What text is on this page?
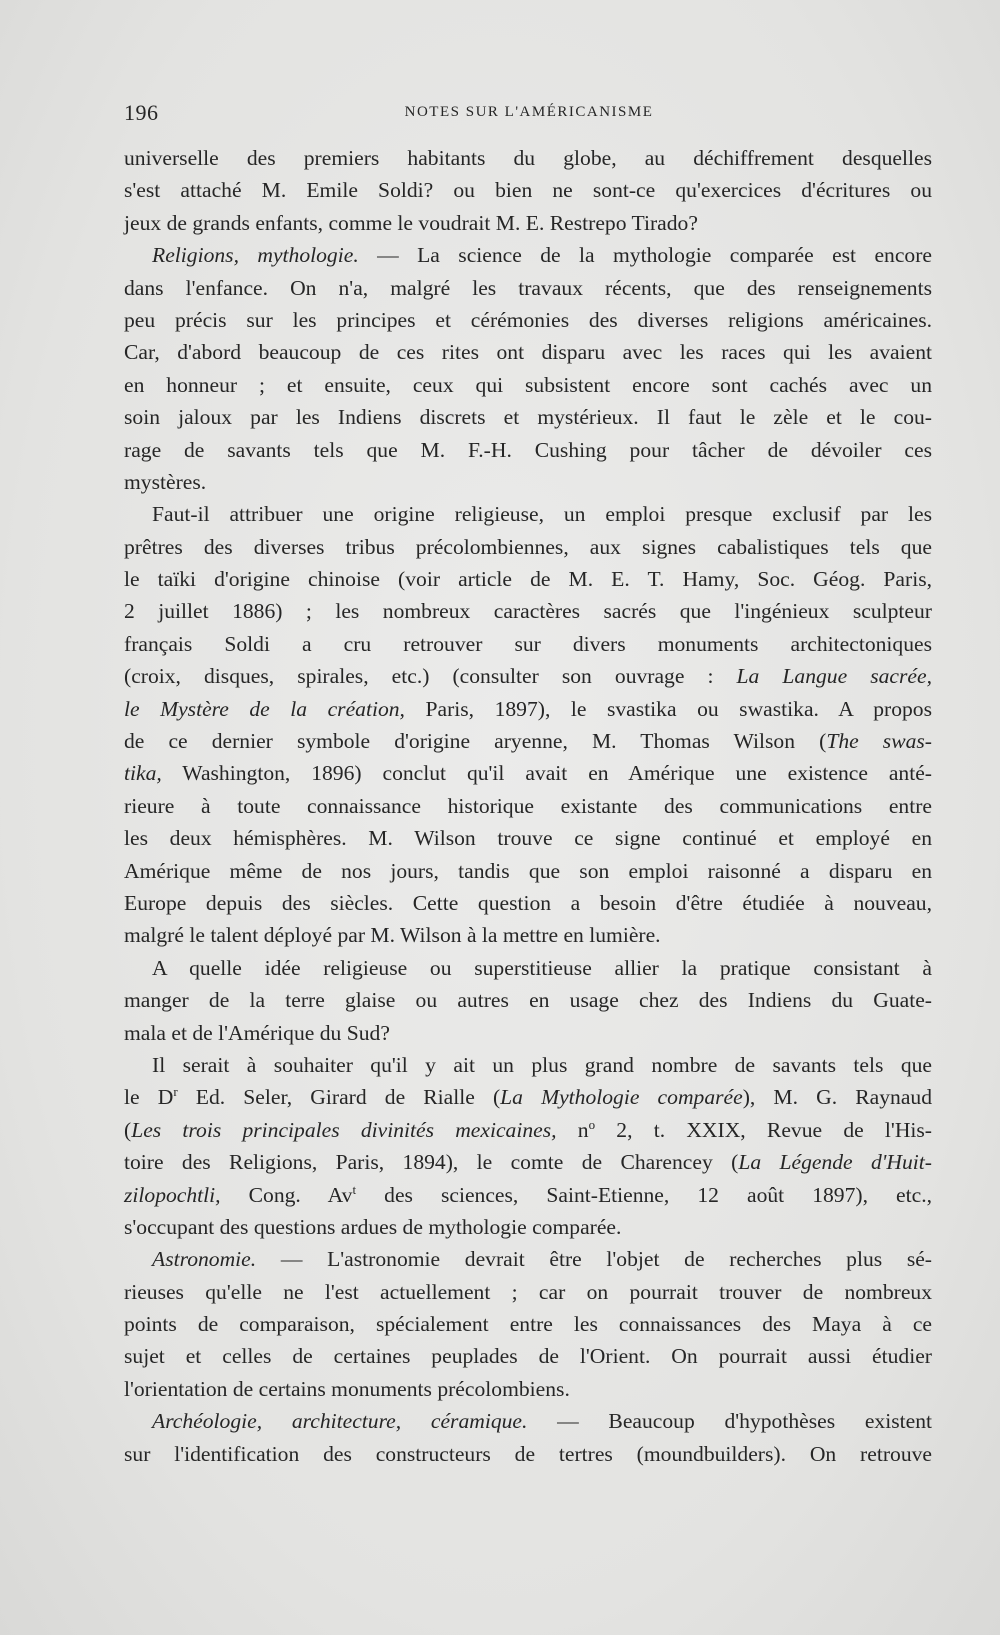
196	NOTES SUR L'AMÉRICANISME
universelle des premiers habitants du globe, au déchiffrement desquelles
s'est attaché M. Emile Soldi? ou bien ne sont-ce qu'exercices d'écritures ou
jeux de grands enfants, comme le voudrait M. E. Restrepo Tirado?
Religions, mythologie. — La science de la mythologie comparée est encore
dans l'enfance. On n'a, malgré les travaux récents, que des renseignements
peu précis sur les principes et cérémonies des diverses religions américaines.
Car, d'abord beaucoup de ces rites ont disparu avec les races qui les avaient
en honneur ; et ensuite, ceux qui subsistent encore sont cachés avec un
soin jaloux par les Indiens discrets et mystérieux. Il faut le zèle et le cou-
rage de savants tels que M. F.-H. Cushing pour tâcher de dévoiler ces
mystères.
Faut-il attribuer une origine religieuse, un emploi presque exclusif par les
prêtres des diverses tribus précolombiennes, aux signes cabalistiques tels que
le taïki d'origine chinoise (voir article de M. E. T. Hamy, Soc. Géog. Paris,
2 juillet 1886) ; les nombreux caractères sacrés que l'ingénieux sculpteur
français Soldi a cru retrouver sur divers monuments architectoniques
(croix, disques, spirales, etc.) (consulter son ouvrage : La Langue sacrée,
le Mystère de la création, Paris, 1897), le svastika ou swastika. A propos
de ce dernier symbole d'origine aryenne, M. Thomas Wilson (The swas-
tika, Washington, 1896) conclut qu'il avait en Amérique une existence anté-
rieure à toute connaissance historique existante des communications entre
les deux hémisphères. M. Wilson trouve ce signe continué et employé en
Amérique même de nos jours, tandis que son emploi raisonné a disparu en
Europe depuis des siècles. Cette question a besoin d'être étudiée à nouveau,
malgré le talent déployé par M. Wilson à la mettre en lumière.
A quelle idée religieuse ou superstitieuse allier la pratique consistant à
manger de la terre glaise ou autres en usage chez des Indiens du Guate-
mala et de l'Amérique du Sud?
Il serait à souhaiter qu'il y ait un plus grand nombre de savants tels que
le $D^r$ Ed. Seler, Girard de Rialle (La Mythologie comparée), M. G. Raynaud
(Les trois principales divinités mexicaines, $n^o$ 2, t. XXIX, Revue de l'His-
toire des Religions, Paris, 1894), le comte de Charencey (La Légende d'Huit-
zilopochtli, Cong. Av$^t$ des sciences, Saint-Etienne, 12 août 1897), etc.,
s'occupant des questions ardues de mythologie comparée.
Astronomie. — L'astronomie devrait être l'objet de recherches plus sé-
rieuses qu'elle ne l'est actuellement ; car on pourrait trouver de nombreux
points de comparaison, spécialement entre les connaissances des Maya à ce
sujet et celles de certaines peuplades de l'Orient. On pourrait aussi étudier
l'orientation de certains monuments précolombiens.
Archéologie, architecture, céramique. — Beaucoup d'hypothèses existent
sur l'identification des constructeurs de tertres (moundbuilders). On retrouve
